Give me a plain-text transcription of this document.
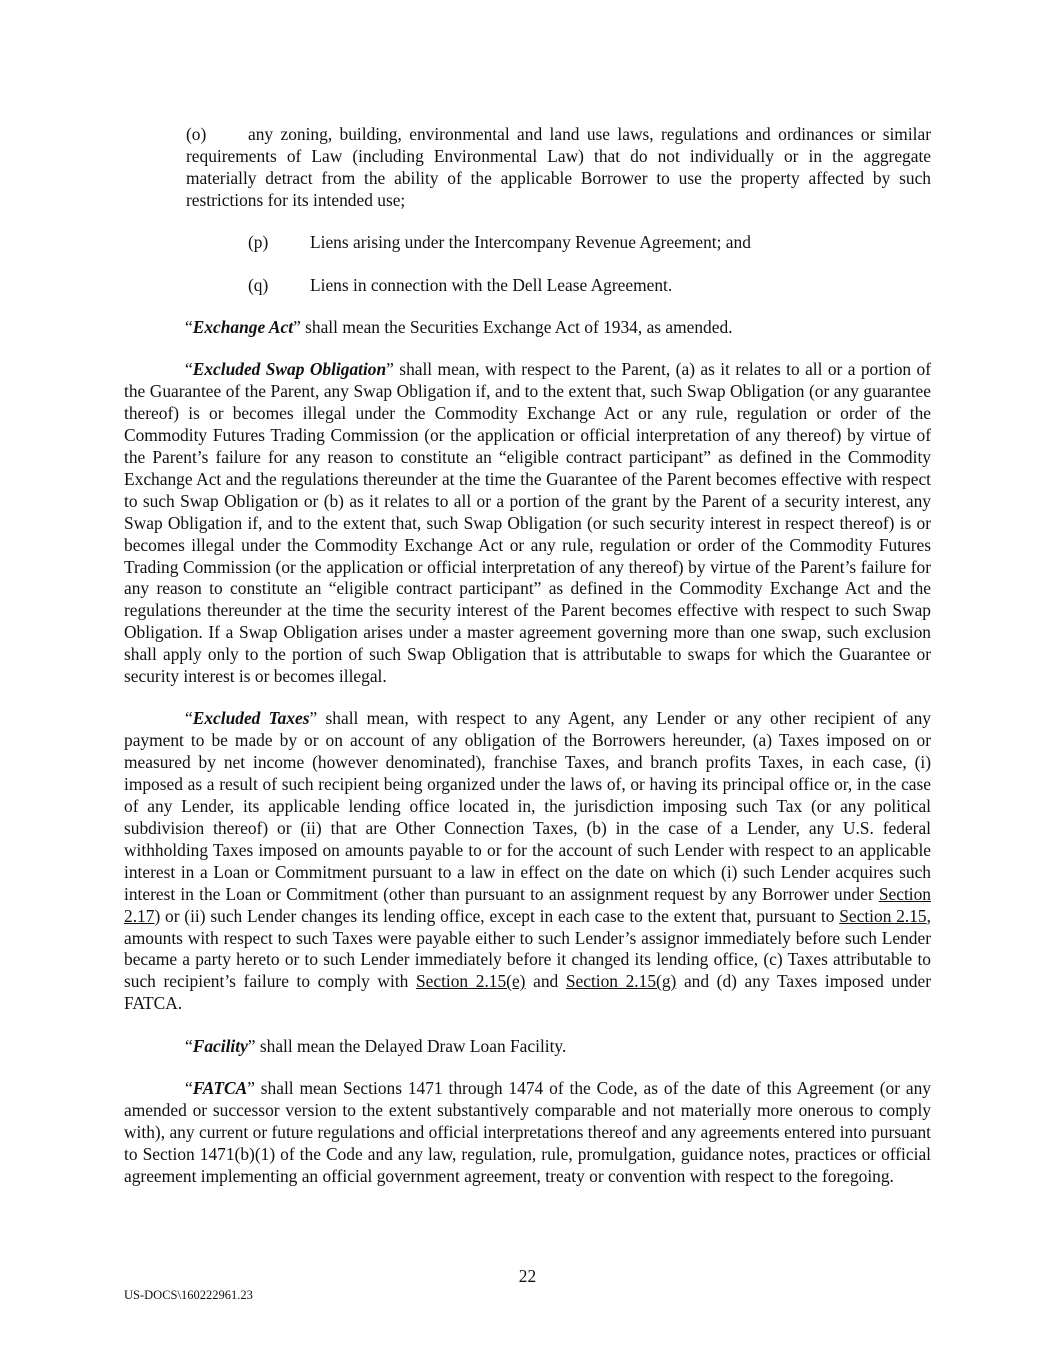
(o) any zoning, building, environmental and land use laws, regulations and ordinances or similar requirements of Law (including Environmental Law) that do not individually or in the aggregate materially detract from the ability of the applicable Borrower to use the property affected by such restrictions for its intended use;

(p) Liens arising under the Intercompany Revenue Agreement; and

(q) Liens in connection with the Dell Lease Agreement.

“Exchange Act” shall mean the Securities Exchange Act of 1934, as amended.

“Excluded Swap Obligation” shall mean, with respect to the Parent, (a) as it relates to all or a portion of the Guarantee of the Parent, any Swap Obligation if, and to the extent that, such Swap Obligation (or any guarantee thereof) is or becomes illegal under the Commodity Exchange Act or any rule, regulation or order of the Commodity Futures Trading Commission (or the application or official interpretation of any thereof) by virtue of the Parent’s failure for any reason to constitute an “eligible contract participant” as defined in the Commodity Exchange Act and the regulations thereunder at the time the Guarantee of the Parent becomes effective with respect to such Swap Obligation or (b) as it relates to all or a portion of the grant by the Parent of a security interest, any Swap Obligation if, and to the extent that, such Swap Obligation (or such security interest in respect thereof) is or becomes illegal under the Commodity Exchange Act or any rule, regulation or order of the Commodity Futures Trading Commission (or the application or official interpretation of any thereof) by virtue of the Parent’s failure for any reason to constitute an “eligible contract participant” as defined in the Commodity Exchange Act and the regulations thereunder at the time the security interest of the Parent becomes effective with respect to such Swap Obligation. If a Swap Obligation arises under a master agreement governing more than one swap, such exclusion shall apply only to the portion of such Swap Obligation that is attributable to swaps for which the Guarantee or security interest is or becomes illegal.

“Excluded Taxes” shall mean, with respect to any Agent, any Lender or any other recipient of any payment to be made by or on account of any obligation of the Borrowers hereunder, (a) Taxes imposed on or measured by net income (however denominated), franchise Taxes, and branch profits Taxes, in each case, (i) imposed as a result of such recipient being organized under the laws of, or having its principal office or, in the case of any Lender, its applicable lending office located in, the jurisdiction imposing such Tax (or any political subdivision thereof) or (ii) that are Other Connection Taxes, (b) in the case of a Lender, any U.S. federal withholding Taxes imposed on amounts payable to or for the account of such Lender with respect to an applicable interest in a Loan or Commitment pursuant to a law in effect on the date on which (i) such Lender acquires such interest in the Loan or Commitment (other than pursuant to an assignment request by any Borrower under Section 2.17) or (ii) such Lender changes its lending office, except in each case to the extent that, pursuant to Section 2.15, amounts with respect to such Taxes were payable either to such Lender’s assignor immediately before such Lender became a party hereto or to such Lender immediately before it changed its lending office, (c) Taxes attributable to such recipient’s failure to comply with Section 2.15(e) and Section 2.15(g) and (d) any Taxes imposed under FATCA.

“Facility” shall mean the Delayed Draw Loan Facility.

“FATCA” shall mean Sections 1471 through 1474 of the Code, as of the date of this Agreement (or any amended or successor version to the extent substantively comparable and not materially more onerous to comply with), any current or future regulations and official interpretations thereof and any agreements entered into pursuant to Section 1471(b)(1) of the Code and any law, regulation, rule, promulgation, guidance notes, practices or official agreement implementing an official government agreement, treaty or convention with respect to the foregoing.

22
US-DOCS\160222961.23
